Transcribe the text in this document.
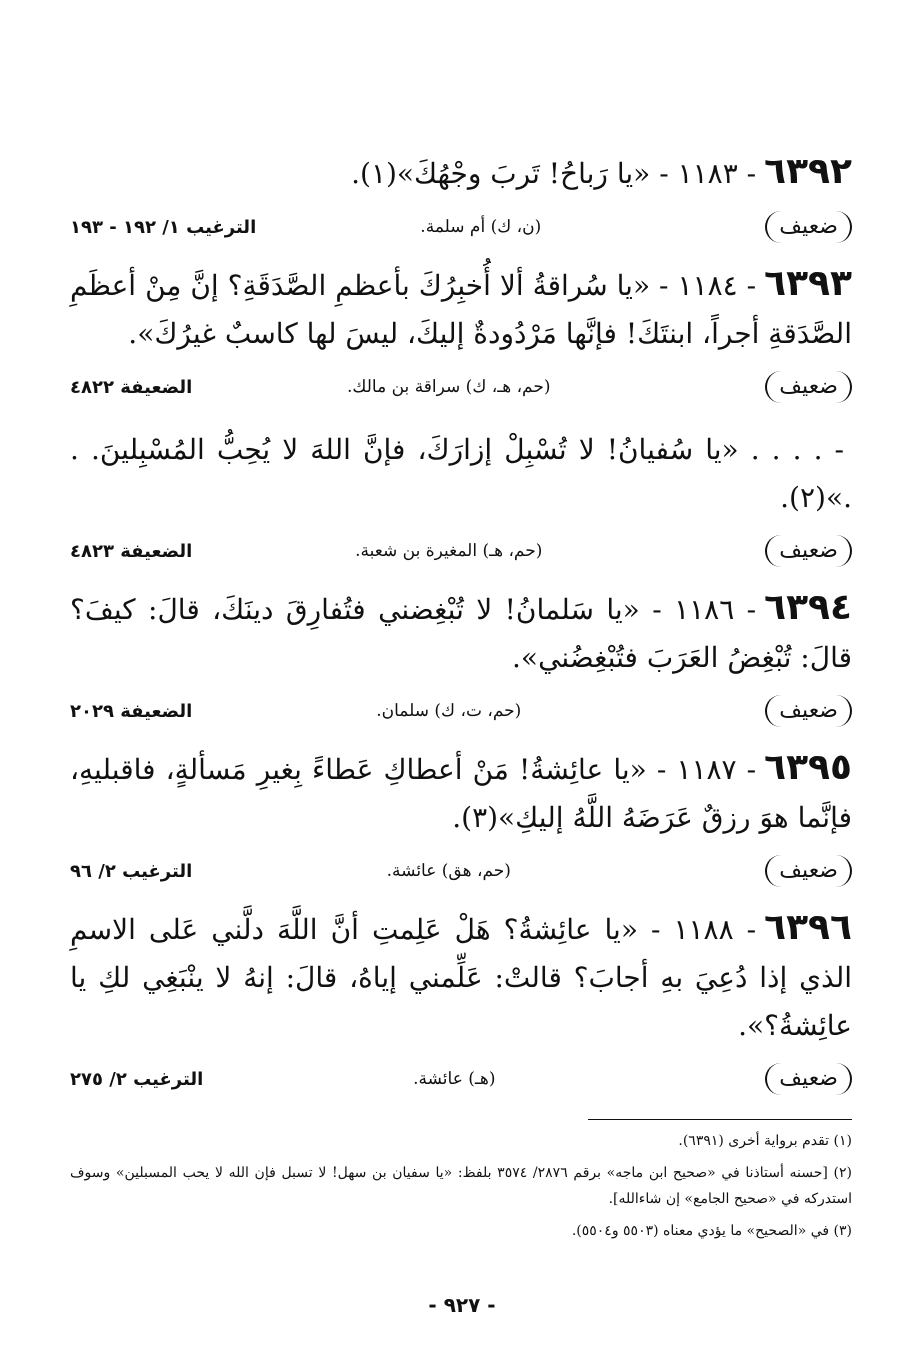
٦٣٩٢- ١١٨٣ - «يا رَباحُ! تَربَ وجْهُكَ»(١).

ضعيف
(ن، ك) أم سلمة.
الترغيب ١/ ١٩٢ - ١٩٣

٦٣٩٣- ١١٨٤ - «يا سُراقةُ ألا أُخبِرُكَ بأعظمِ الصَّدَقَةِ؟ إنَّ مِنْ أعظَمِ الصَّدَقةِ أجراً، ابنتَكَ! فإنَّها مَرْدُودةٌ إليكَ، ليسَ لها كاسبٌ غيرُكَ».

ضعيف
(حم، هـ، ك) سراقة بن مالك.
الضعيفة ٤٨٢٢

- . . . . «يا سُفيانُ! لا تُسْبِلْ إزارَكَ، فإنَّ اللهَ لا يُحِبُّ المُسْبِلينَ. . .»(٢).

ضعيف
(حم، هـ) المغيرة بن شعبة.
الضعيفة ٤٨٢٣

٦٣٩٤- ١١٨٦ - «يا سَلمانُ! لا تُبْغِضني فتُفارِقَ دينَكَ، قالَ: كيفَ؟ قالَ: تُبْغِضُ العَرَبَ فتُبْغِضُني».

ضعيف
(حم، ت، ك) سلمان.
الضعيفة ٢٠٢٩

٦٣٩٥- ١١٨٧ - «يا عائِشةُ! مَنْ أعطاكِ عَطاءً بِغيرِ مَسألةٍ، فاقبليهِ، فإنَّما هوَ رزقٌ عَرَضَهُ اللَّهُ إليكِ»(٣).

ضعيف
(حم، هق) عائشة.
الترغيب ٢/ ٩٦

٦٣٩٦- ١١٨٨ - «يا عائِشةُ؟ هَلْ عَلِمتِ أنَّ اللَّهَ دلَّني عَلى الاسمِ الذي إذا دُعِيَ بهِ أجابَ؟ قالتْ: عَلِّمني إياهُ، قالَ: إنهُ لا ينْبَغِي لكِ يا عائِشةُ؟».

ضعيف
(هـ) عائشة.
الترغيب ٢/ ٢٧٥

(١) تقدم برواية أخرى (٦٣٩١).

(٢) [حسنه أستاذنا في «صحيح ابن ماجه» برقم ٢٨٧٦/ ٣٥٧٤ بلفظ: «يا سفيان بن سهل! لا تسبل فإن الله لا يحب المسبلين» وسوف استدركه في «صحيح الجامع» إن شاءالله].

(٣) في «الصحيح» ما يؤدي معناه (٥٥٠٣ و٥٥٠٤).

- ٩٢٧ -
